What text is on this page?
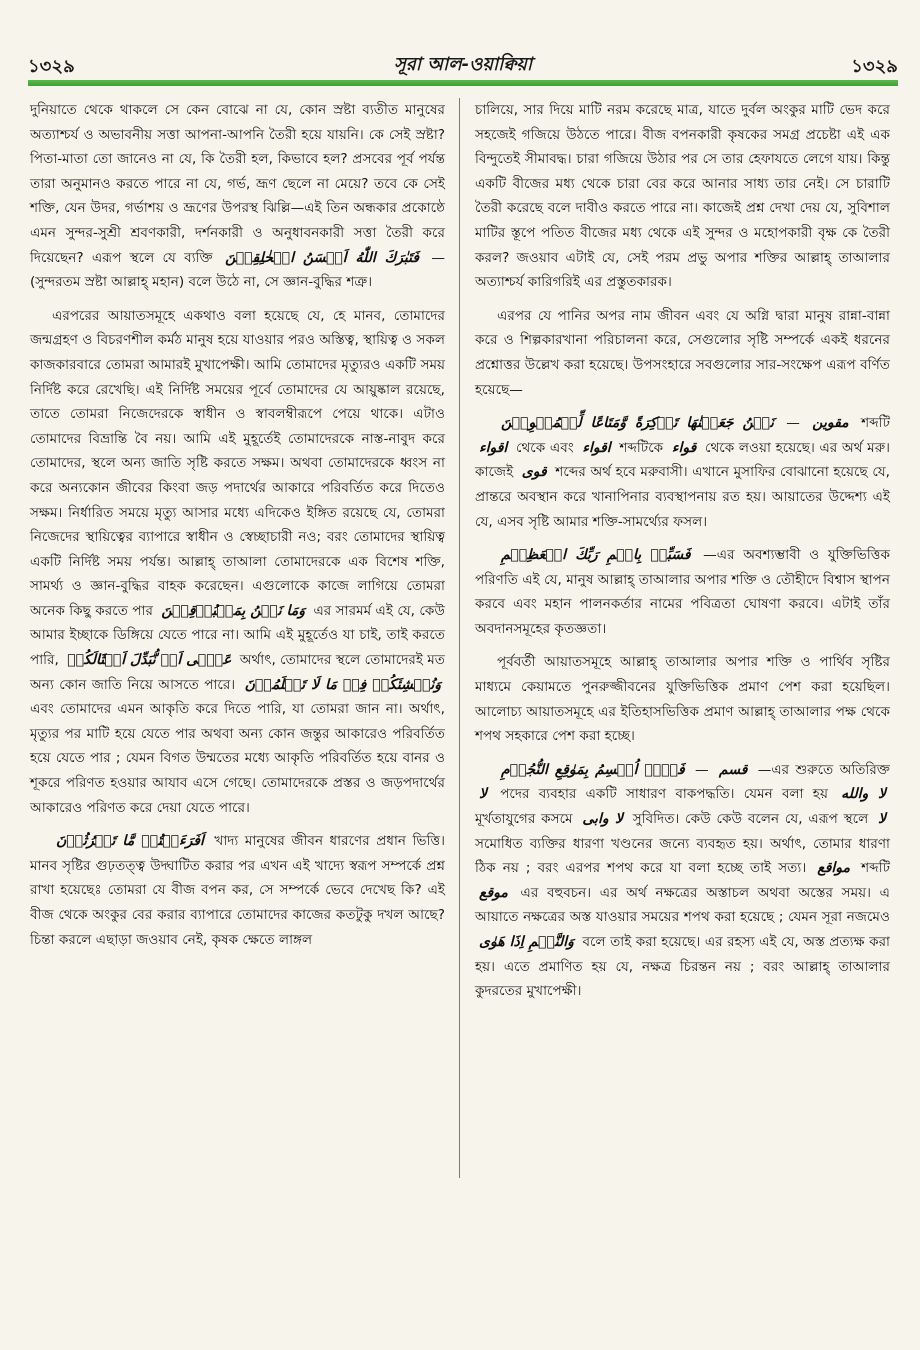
১৩২৯	সূরা আল-ওয়াক্বিয়া	১৩২৯

দুনিয়াতে থেকে থাকলে সে কেন বোঝে না যে, কোন স্রষ্টা ব্যতীত মানুষের অত্যাশ্চর্য ও অভাবনীয় সত্তা আপনা-আপনি তৈরী হয়ে যায়নি। কে সেই স্রষ্টা? পিতা-মাতা তো জানেও না যে, কি তৈরী হল, কিভাবে হল? প্রসবের পূর্ব পর্যন্ত তারা অনুমানও করতে পারে না যে, গর্ভ, ভ্রূণ ছেলে না মেয়ে? তবে কে সেই শক্তি, যেন উদর, গর্ভাশয় ও ভ্রূণের উপরস্থ ঝিল্লি—এই তিন অন্ধকার প্রকোষ্ঠে এমন সুন্দর-সুশ্রী শ্রবণকারী, দর্শনকারী ও অনুধাবনকারী সত্তা তৈরী করে দিয়েছেন? এরূপ স্থলে যে ব্যক্তি فَتَبٰرَكَ اللّٰهُ اَحۡسَنُ الۡخٰلِقِيۡنَ —(সুন্দরতম স্রষ্টা আল্লাহ্ মহান) বলে উঠে না, সে জ্ঞান-বুদ্ধির শত্রু।

এরপরের আয়াতসমূহে একথাও বলা হয়েছে যে, হে মানব, তোমাদের জন্মগ্রহণ ও বিচরণশীল কর্মঠ মানুষ হয়ে যাওয়ার পরও অস্তিত্ব, স্থায়িত্ব ও সকল কাজকারবারে তোমরা আমারই মুখাপেক্ষী। আমি তোমাদের মৃত্যুরও একটি সময় নির্দিষ্ট করে রেখেছি। এই নির্দিষ্ট সময়ের পূর্বে তোমাদের যে আয়ুষ্কাল রয়েছে, তাতে তোমরা নিজেদেরকে স্বাধীন ও স্বাবলম্বীরূপে পেয়ে থাকে। এটাও তোমাদের বিভ্রান্তি বৈ নয়। আমি এই মুহূর্তেই তোমাদেরকে নাস্ত-নাবুদ করে তোমাদের, স্থলে অন্য জাতি সৃষ্টি করতে সক্ষম। অথবা তোমাদেরকে ধ্বংস না করে অন্যকোন জীবের কিংবা জড় পদার্থের আকারে পরিবর্তিত করে দিতেও সক্ষম। নির্ধারিত সময়ে মৃত্যু আসার মধ্যে এদিকেও ইঙ্গিত রয়েছে যে, তোমরা নিজেদের স্থায়িত্বের ব্যাপারে স্বাধীন ও স্বেচ্ছাচারী নও; বরং তোমাদের স্থায়িত্ব একটি নির্দিষ্ট সময় পর্যন্ত। আল্লাহ্ তাআলা তোমাদেরকে এক বিশেষ শক্তি, সামর্থ্য ও জ্ঞান-বুদ্ধির বাহক করেছেন। এগুলোকে কাজে লাগিয়ে তোমরা অনেক কিছু করতে পার وَمَا نَحۡنُ بِمَسۡبُوۡقِيۡنَ এর সারমর্ম এই যে, কেউ আমার ইচ্ছাকে ডিঙ্গিয়ে যেতে পারে না। আমি এই মুহূর্তেও যা চাই, তাই করতে পারি, عَلٰۤى اَنۡ نُّبَدِّلَ اَمۡثَالَكُمۡ অর্থাৎ, তোমাদের স্থলে তোমাদেরই মত অন্য কোন জাতি নিয়ে আসতে পারে। وَنُنۡشِئَكُمۡ فِیۡ مَا لَا تَعۡلَمُوۡنَ এবং তোমাদের এমন আকৃতি করে দিতে পারি, যা তোমরা জান না। অর্থাৎ, মৃত্যুর পর মাটি হয়ে যেতে পার অথবা অন্য কোন জন্তুর আকারেও পরিবর্তিত হয়ে যেতে পার ; যেমন বিগত উম্মতের মধ্যে আকৃতি পরিবর্তিত হয়ে বানর ও শূকরে পরিণত হওয়ার আযাব এসে গেছে। তোমাদেরকে প্রস্তর ও জড়পদার্থের আকারেও পরিণত করে দেয়া যেতে পারে।

اَفَرَءَيۡتُمۡ مَّا تَحۡرُثُوۡنَ খাদ্য মানুষের জীবন ধারণের প্রধান ভিত্তি। মানব সৃষ্টির গুঢ়তত্ত্ব উদ্ঘাটিত করার পর এখন এই খাদ্যে স্বরূপ সম্পর্কে প্রশ্ন রাখা হয়েছেঃ তোমরা যে বীজ বপন কর, সে সম্পর্কে ভেবে দেখেছ কি? এই বীজ থেকে অংকুর বের করার ব্যাপারে তোমাদের কাজের কতটুকু দখল আছে? চিন্তা করলে এছাড়া জওয়াব নেই, কৃষক ক্ষেতে লাঙ্গল

চালিয়ে, সার দিয়ে মাটি নরম করেছে মাত্র, যাতে দুর্বল অংকুর মাটি ভেদ করে সহজেই গজিয়ে উঠতে পারে। বীজ বপনকারী কৃষকের সমগ্র প্রচেষ্টা এই এক বিন্দুতেই সীমাবদ্ধ। চারা গজিয়ে উঠার পর সে তার হেফাযতে লেগে যায়। কিন্তু একটি বীজের মধ্য থেকে চারা বের করে আনার সাধ্য তার নেই। সে চারাটি তৈরী করেছে বলে দাবীও করতে পারে না। কাজেই প্রশ্ন দেখা দেয় যে, সুবিশাল মাটির স্তূপে পতিত বীজের মধ্য থেকে এই সুন্দর ও মহোপকারী বৃক্ষ কে তৈরী করল? জওয়াব এটাই যে, সেই পরম প্রভু অপার শক্তির আল্লাহ্ তাআলার অত্যাশ্চর্য কারিগরিই এর প্রস্তুতকারক।

এরপর যে পানির অপর নাম জীবন এবং যে অগ্নি দ্বারা মানুষ রান্না-বান্না করে ও শিল্পকারখানা পরিচালনা করে, সেগুলোর সৃষ্টি সম্পর্কে একই ধরনের প্রশ্নোত্তর উল্লেখ করা হয়েছে। উপসংহারে সবগুলোর সার-সংক্ষেপ এরূপ বর্ণিত হয়েছে—

نَحۡنُ جَعَلۡنٰهَا تَذۡكِرَةً وَّمَتَاعًا لِّلۡمُقۡوِيۡنَ — مقوين শব্দটি اقواء থেকে এবং اقواء শব্দটিকে قواء থেকে লওয়া হয়েছে। এর অর্থ মরু। কাজেই قوى শব্দের অর্থ হবে মরুবাসী। এখানে মুসাফির বোঝানো হয়েছে যে, প্রান্তরে অবস্থান করে খানাপিনার ব্যবস্থাপনায় রত হয়। আয়াতের উদ্দেশ্য এই যে, এসব সৃষ্টি আমার শক্তি-সামর্থ্যের ফসল।

فَسَبِّحۡ بِاسۡمِ رَبِّكَ الۡعَظِيۡمِ —এর অবশ্যম্ভাবী ও যুক্তিভিত্তিক পরিণতি এই যে, মানুষ আল্লাহ্ তাআলার অপার শক্তি ও তৌহীদে বিশ্বাস স্থাপন করবে এবং মহান পালনকর্তার নামের পবিত্রতা ঘোষণা করবে। এটাই তাঁর অবদানসমূহের কৃতজ্ঞতা।

পূর্ববর্তী আয়াতসমূহে আল্লাহ্ তাআলার অপার শক্তি ও পার্থিব সৃষ্টির মাধ্যমে কেয়ামতে পুনরুজ্জীবনের যুক্তিভিত্তিক প্রমাণ পেশ করা হয়েছিল। আলোচ্য আয়াতসমূহে এর ইতিহাসভিত্তিক প্রমাণ আল্লাহ্ তাআলার পক্ষ থেকে শপথ সহকারে পেশ করা হচ্ছে।

فَلَاۤ اُقۡسِمُ بِمَوٰقِعِ النُّجُوۡمِ — قسم —এর শুরুতে অতিরিক্ত لا পদের ব্যবহার একটি সাধারণ বাকপদ্ধতি। যেমন বলা হয় لا والله মূর্খতাযুগের কসমে لا وابى সুবিদিত। কেউ কেউ বলেন যে, এরূপ স্থলে لا সমোধিত ব্যক্তির ধারণা খণ্ডনের জন্যে ব্যবহৃত হয়। অর্থাৎ, তোমার ধারণা ঠিক নয় ; বরং এরপর শপথ করে যা বলা হচ্ছে তাই সত্য। مواقع শব্দটি موقع এর বহুবচন। এর অর্থ নক্ষত্রের অস্তাচল অথবা অস্তের সময়। এ আয়াতে নক্ষত্রের অস্ত যাওয়ার সময়ের শপথ করা হয়েছে ; যেমন সূরা নজমেও وَالنَّجۡمِ اِذَا هَوٰى বলে তাই করা হয়েছে। এর রহস্য এই যে, অস্ত প্রত্যক্ষ করা হয়। এতে প্রমাণিত হয় যে, নক্ষত্র চিরন্তন নয় ; বরং আল্লাহ্ তাআলার কুদরতের মুখাপেক্ষী।
